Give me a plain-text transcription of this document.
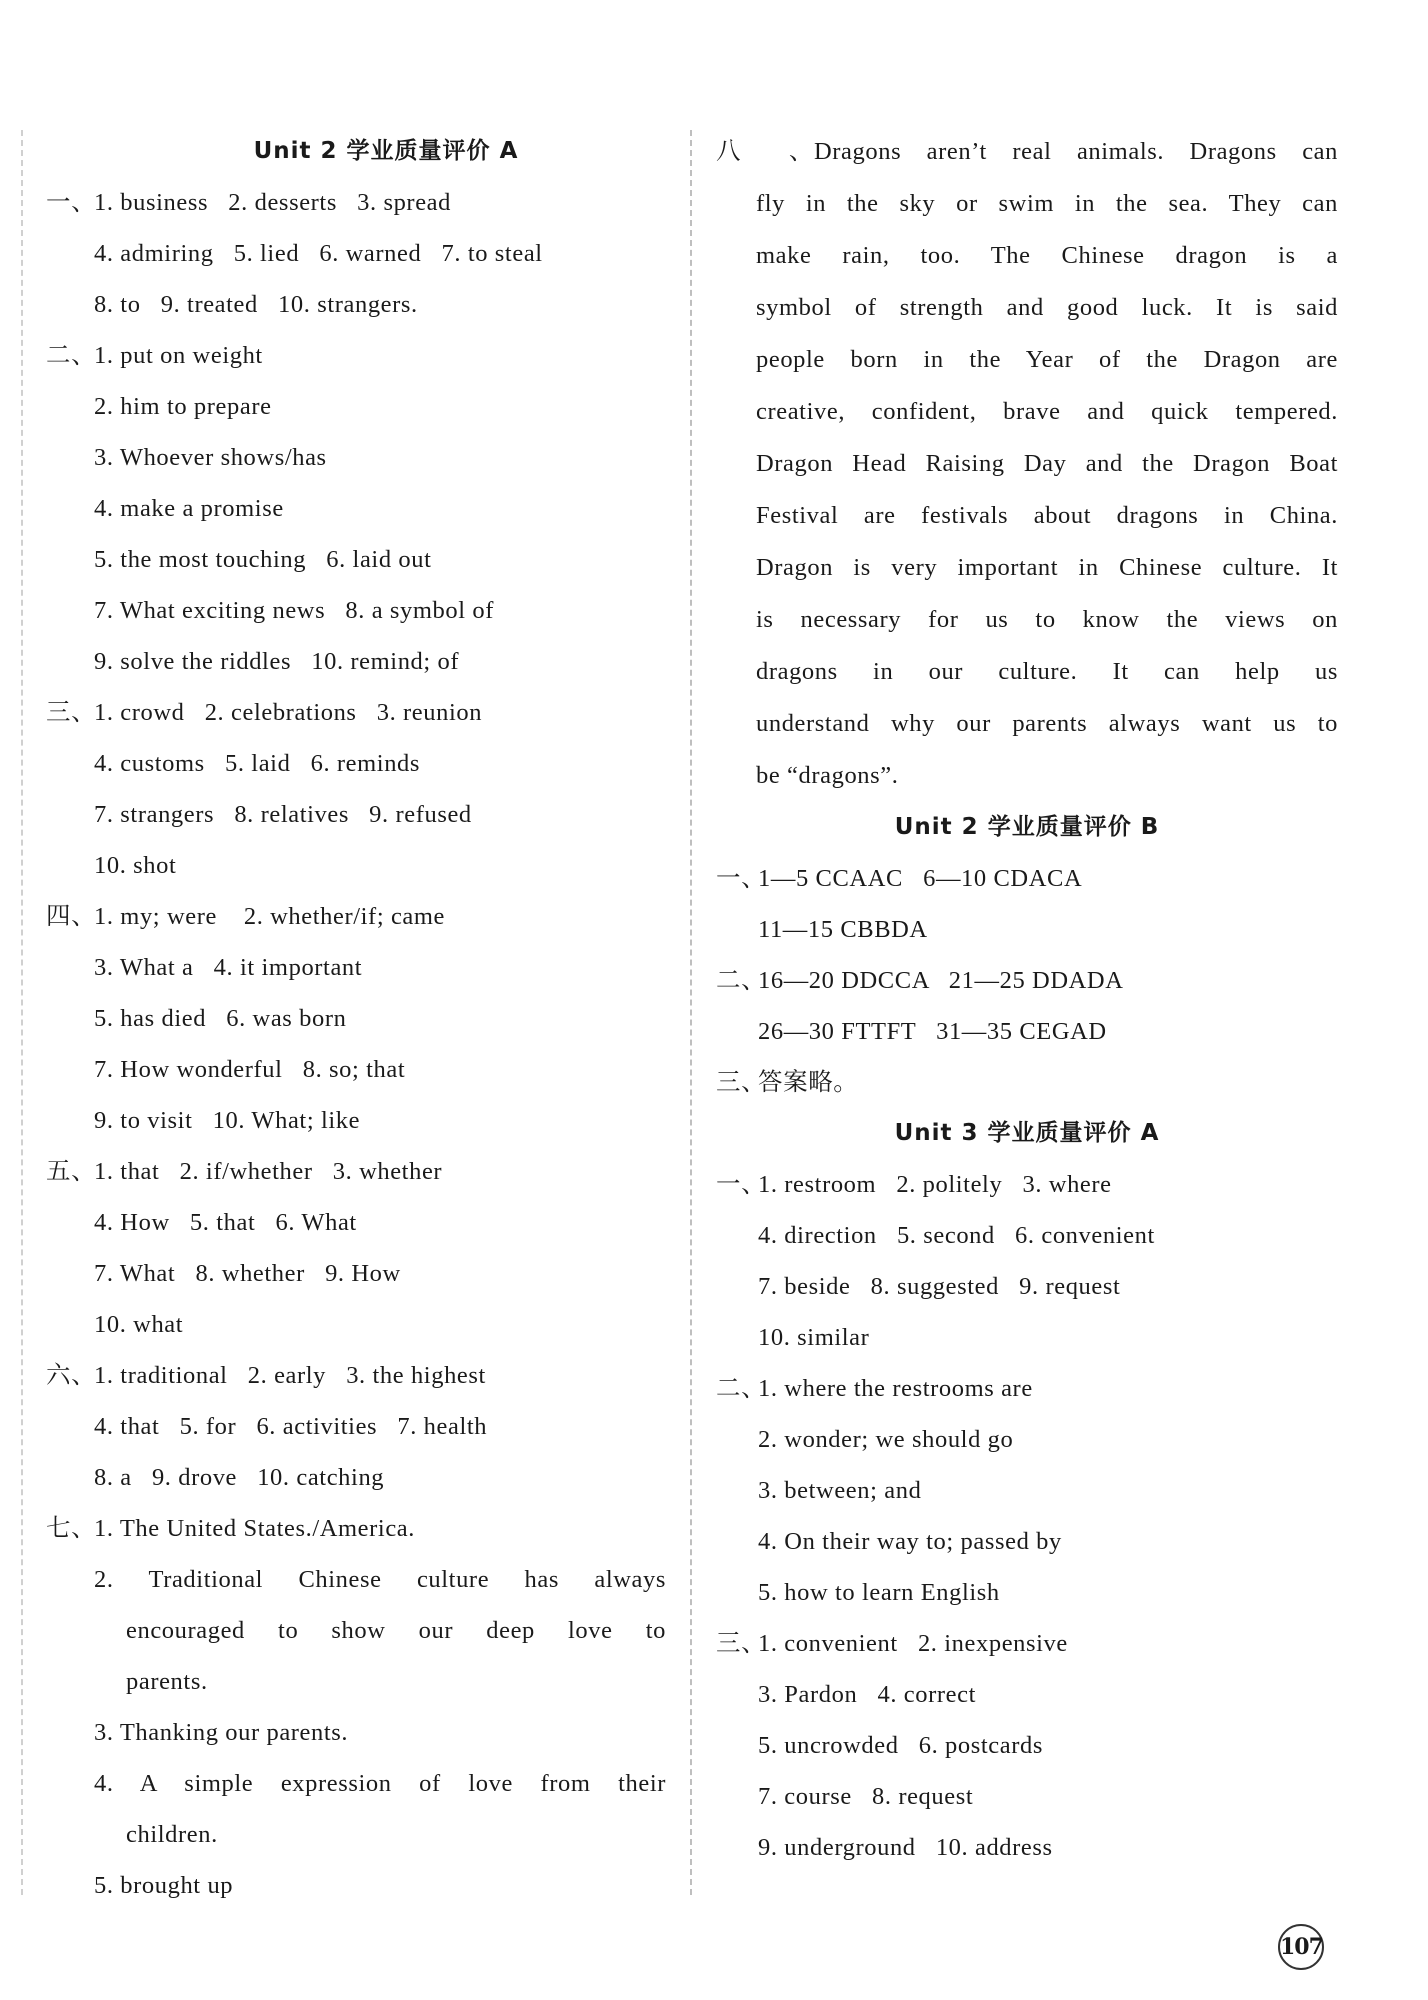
Unit 2 学业质量评价 A
一、
1. business   2. desserts   3. spread
4. admiring   5. lied   6. warned   7. to steal
8. to   9. treated   10. strangers.
二、
1. put on weight
2. him to prepare
3. Whoever shows/has
4. make a promise
5. the most touching   6. laid out
7. What exciting news   8. a symbol of
9. solve the riddles   10. remind; of
三、
1. crowd   2. celebrations   3. reunion
4. customs   5. laid   6. reminds
7. strangers   8. relatives   9. refused
10. shot
四、
1. my; were    2. whether/if; came
3. What a   4. it important
5. has died   6. was born
7. How wonderful   8. so; that
9. to visit   10. What; like
五、
1. that   2. if/whether   3. whether
4. How   5. that   6. What
7. What   8. whether   9. How
10. what
六、
1. traditional   2. early   3. the highest
4. that   5. for   6. activities   7. health
8. a   9. drove   10. catching
七、
1. The United States./America.
2. Traditional Chinese culture has always
encouraged to show our deep love to
parents.
3. Thanking our parents.
4. A simple expression of love from their
children.
5. brought up
八、Dragons aren’t real animals. Dragons can
fly in the sky or swim in the sea. They can
make rain, too. The Chinese dragon is a
symbol of strength and good luck. It is said
people born in the Year of the Dragon are
creative, confident, brave and quick tempered.
Dragon Head Raising Day and the Dragon Boat
Festival are festivals about dragons in China.
Dragon is very important in Chinese culture. It
is necessary for us to know the views on
dragons in our culture. It can help us
understand why our parents always want us to
be “dragons”.
Unit 2 学业质量评价 B
一、
1—5 CCAAC   6—10 CDACA
11—15 CBBDA
二、
16—20 DDCCA   21—25 DDADA
26—30 FTTFT   31—35 CEGAD
三、
答案略。
Unit 3 学业质量评价 A
一、
1. restroom   2. politely   3. where
4. direction   5. second   6. convenient
7. beside   8. suggested   9. request
10. similar
二、
1. where the restrooms are
2. wonder; we should go
3. between; and
4. On their way to; passed by
5. how to learn English
三、
1. convenient   2. inexpensive
3. Pardon   4. correct
5. uncrowded   6. postcards
7. course   8. request
9. underground   10. address
107
